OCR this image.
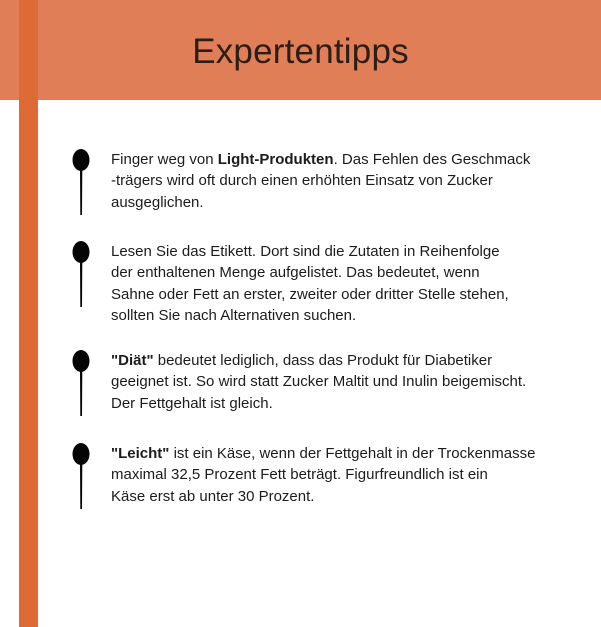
Expertentipps
Finger weg von Light-Produkten. Das Fehlen des Geschmack
-trägers wird oft durch einen erhöhten Einsatz von Zucker
ausgeglichen.
Lesen Sie das Etikett. Dort sind die Zutaten in Reihenfolge
der enthaltenen Menge aufgelistet. Das bedeutet, wenn
Sahne oder Fett an erster, zweiter oder dritter Stelle stehen,
sollten Sie nach Alternativen suchen.
"Diät" bedeutet lediglich, dass das Produkt für Diabetiker
geeignet ist. So wird statt Zucker Maltit und Inulin beigemischt.
Der Fettgehalt ist gleich.
"Leicht" ist ein Käse, wenn der Fettgehalt in der Trockenmasse
maximal 32,5 Prozent Fett beträgt. Figurfreundlich ist ein
Käse erst ab unter 30 Prozent.
